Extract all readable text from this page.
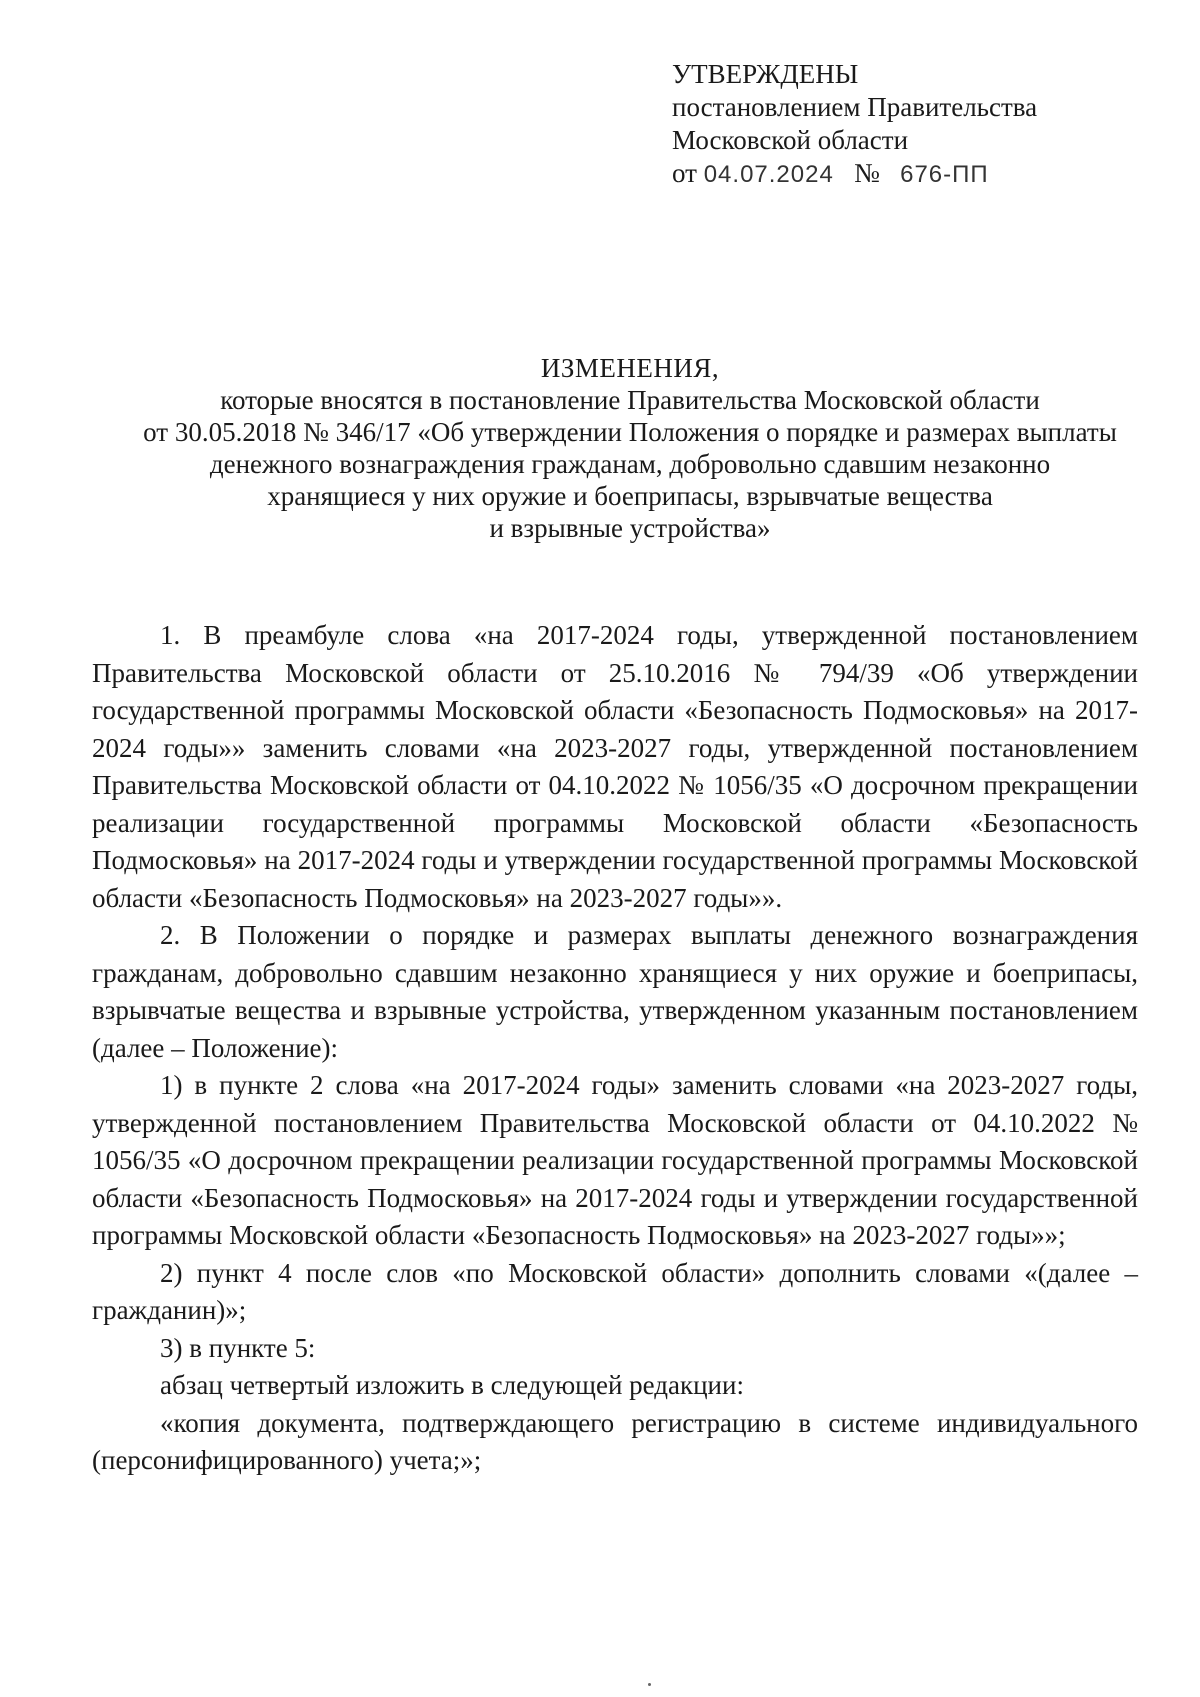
УТВЕРЖДЕНЫ
постановлением Правительства
Московской области
от 04.07.2024 № 676-ПП
ИЗМЕНЕНИЯ,
которые вносятся в постановление Правительства Московской области
от 30.05.2018 № 346/17 «Об утверждении Положения о порядке и размерах выплаты
денежного вознаграждения гражданам, добровольно сдавшим незаконно
хранящиеся у них оружие и боеприпасы, взрывчатые вещества
и взрывные устройства»

1. В преамбуле слова «на 2017-2024 годы, утвержденной постановлением Правительства Московской области от 25.10.2016 № 794/39 «Об утверждении государственной программы Московской области «Безопасность Подмосковья» на 2017-2024 годы»» заменить словами «на 2023-2027 годы, утвержденной постановлением Правительства Московской области от 04.10.2022 № 1056/35 «О досрочном прекращении реализации государственной программы Московской области «Безопасность Подмосковья» на 2017-2024 годы и утверждении государственной программы Московской области «Безопасность Подмосковья» на 2023-2027 годы»».

2. В Положении о порядке и размерах выплаты денежного вознаграждения гражданам, добровольно сдавшим незаконно хранящиеся у них оружие и боеприпасы, взрывчатые вещества и взрывные устройства, утвержденном указанным постановлением (далее – Положение):

1) в пункте 2 слова «на 2017-2024 годы» заменить словами «на 2023-2027 годы, утвержденной постановлением Правительства Московской области от 04.10.2022 № 1056/35 «О досрочном прекращении реализации государственной программы Московской области «Безопасность Подмосковья» на 2017-2024 годы и утверждении государственной программы Московской области «Безопасность Подмосковья» на 2023-2027 годы»»;

2) пункт 4 после слов «по Московской области» дополнить словами «(далее – гражданин)»;

3) в пункте 5:

абзац четвертый изложить в следующей редакции:

«копия документа, подтверждающего регистрацию в системе индивидуального (персонифицированного) учета;»;
